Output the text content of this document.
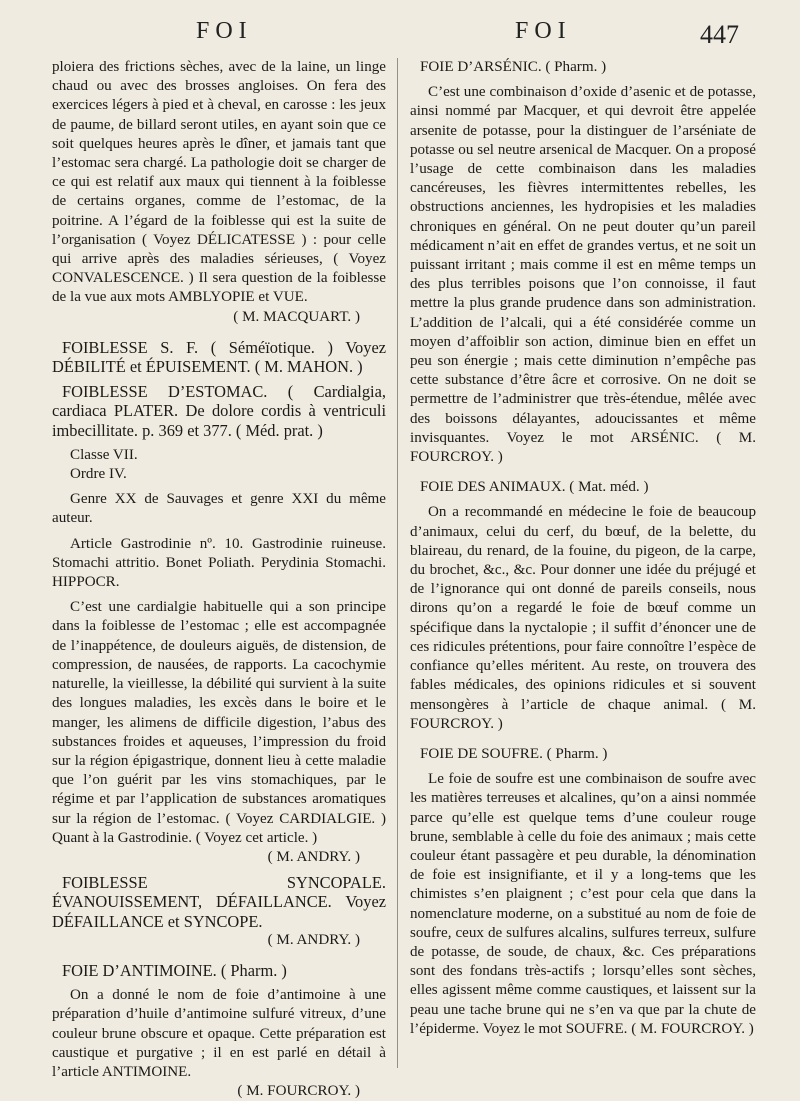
FOI	FOI	447

ploiera des frictions sèches, avec de la laine, un linge chaud ou avec des brosses angloises. On fera des exercices légers à pied et à cheval, en carosse : les jeux de paume, de billard seront utiles, en ayant soin que ce soit quelques heures après le dîner, et jamais tant que l’estomac sera chargé. La pathologie doit se charger de ce qui est relatif aux maux qui tiennent à la foiblesse de certains organes, comme de l’estomac, de la poitrine. A l’égard de la foiblesse qui est la suite de l’organisation ( Voyez DÉLICATESSE ) : pour celle qui arrive après des maladies sérieuses, ( Voyez CONVALESCENCE. ) Il sera question de la foiblesse de la vue aux mots AMBLYOPIE et VUE.

( M. MACQUART. )

FOIBLESSE S. F. ( Séméïotique. ) Voyez DÉBILITÉ et ÉPUISEMENT. ( M. MAHON. )

FOIBLESSE D’ESTOMAC. ( Cardialgia, cardiaca PLATER. De dolore cordis à ventriculi imbecillitate. p. 369 et 377. ( Méd. prat. )

Classe VII.

Ordre IV.

Genre XX de Sauvages et genre XXI du même auteur.

Article Gastrodinie nº. 10. Gastrodinie ruineuse. Stomachi attritio. Bonet Poliath. Perydinia Stomachi. HIPPOCR.

C’est une cardialgie habituelle qui a son principe dans la foiblesse de l’estomac ; elle est accompagnée de l’inappétence, de douleurs aiguës, de distension, de compression, de nausées, de rapports. La cacochymie naturelle, la vieillesse, la débilité qui survient à la suite des longues maladies, les excès dans le boire et le manger, les alimens de difficile digestion, l’abus des substances froides et aqueuses, l’impression du froid sur la région épigastrique, donnent lieu à cette maladie que l’on guérit par les vins stomachiques, par le régime et par l’application de substances aromatiques sur la région de l’estomac. ( Voyez CARDIALGIE. ) Quant à la Gastrodinie. ( Voyez cet article. )

( M. ANDRY. )

FOIBLESSE SYNCOPALE. ÉVANOUISSEMENT, DÉFAILLANCE. Voyez DÉFAILLANCE et SYNCOPE.

( M. ANDRY. )

FOIE D’ANTIMOINE. ( Pharm. )

On a donné le nom de foie d’antimoine à une préparation d’huile d’antimoine sulfuré vitreux, d’une couleur brune obscure et opaque. Cette préparation est caustique et purgative ; il en est parlé en détail à l’article ANTIMOINE.

( M. FOURCROY. )

FOIE D’ARSÉNIC. ( Pharm. )

C’est une combinaison d’oxide d’asenic et de potasse, ainsi nommé par Macquer, et qui devroit être appelée arsenite de potasse, pour la distinguer de l’arséniate de potasse ou sel neutre arsenical de Macquer. On a proposé l’usage de cette combinaison dans les maladies cancéreuses, les fièvres intermittentes rebelles, les obstructions anciennes, les hydropisies et les maladies chroniques en général. On ne peut douter qu’un pareil médicament n’ait en effet de grandes vertus, et ne soit un puissant irritant ; mais comme il est en même temps un des plus terribles poisons que l’on connoisse, il faut mettre la plus grande prudence dans son administration. L’addition de l’alcali, qui a été considérée comme un moyen d’affoiblir son action, diminue bien en effet un peu son énergie ; mais cette diminution n’empêche pas cette substance d’être âcre et corrosive. On ne doit se permettre de l’administrer que très-étendue, mêlée avec des boissons délayantes, adoucissantes et même invisquantes. Voyez le mot ARSÉNIC. ( M. FOURCROY. )

FOIE DES ANIMAUX. ( Mat. méd. )

On a recommandé en médecine le foie de beaucoup d’animaux, celui du cerf, du bœuf, de la belette, du blaireau, du renard, de la fouine, du pigeon, de la carpe, du brochet, &c., &c. Pour donner une idée du préjugé et de l’ignorance qui ont donné de pareils conseils, nous dirons qu’on a regardé le foie de bœuf comme un spécifique dans la nyctalopie ; il suffit d’énoncer une de ces ridicules prétentions, pour faire connoître l’espèce de confiance qu’elles méritent. Au reste, on trouvera des fables médicales, des opinions ridicules et si souvent mensongères à l’article de chaque animal. ( M. FOURCROY. )

FOIE DE SOUFRE. ( Pharm. )

Le foie de soufre est une combinaison de soufre avec les matières terreuses et alcalines, qu’on a ainsi nommée parce qu’elle est quelque tems d’une couleur rouge brune, semblable à celle du foie des animaux ; mais cette couleur étant passagère et peu durable, la dénomination de foie est insignifiante, et il y a long-tems que les chimistes s’en plaignent ; c’est pour cela que dans la nomenclature moderne, on a substitué au nom de foie de soufre, ceux de sulfures alcalins, sulfures terreux, sulfure de potasse, de soude, de chaux, &c. Ces préparations sont des fondans très-actifs ; lorsqu’elles sont sèches, elles agissent même comme caustiques, et laissent sur la peau une tache brune qui ne s’en va que par la chute de l’épiderme. Voyez le mot SOUFRE. ( M. FOURCROY. )
